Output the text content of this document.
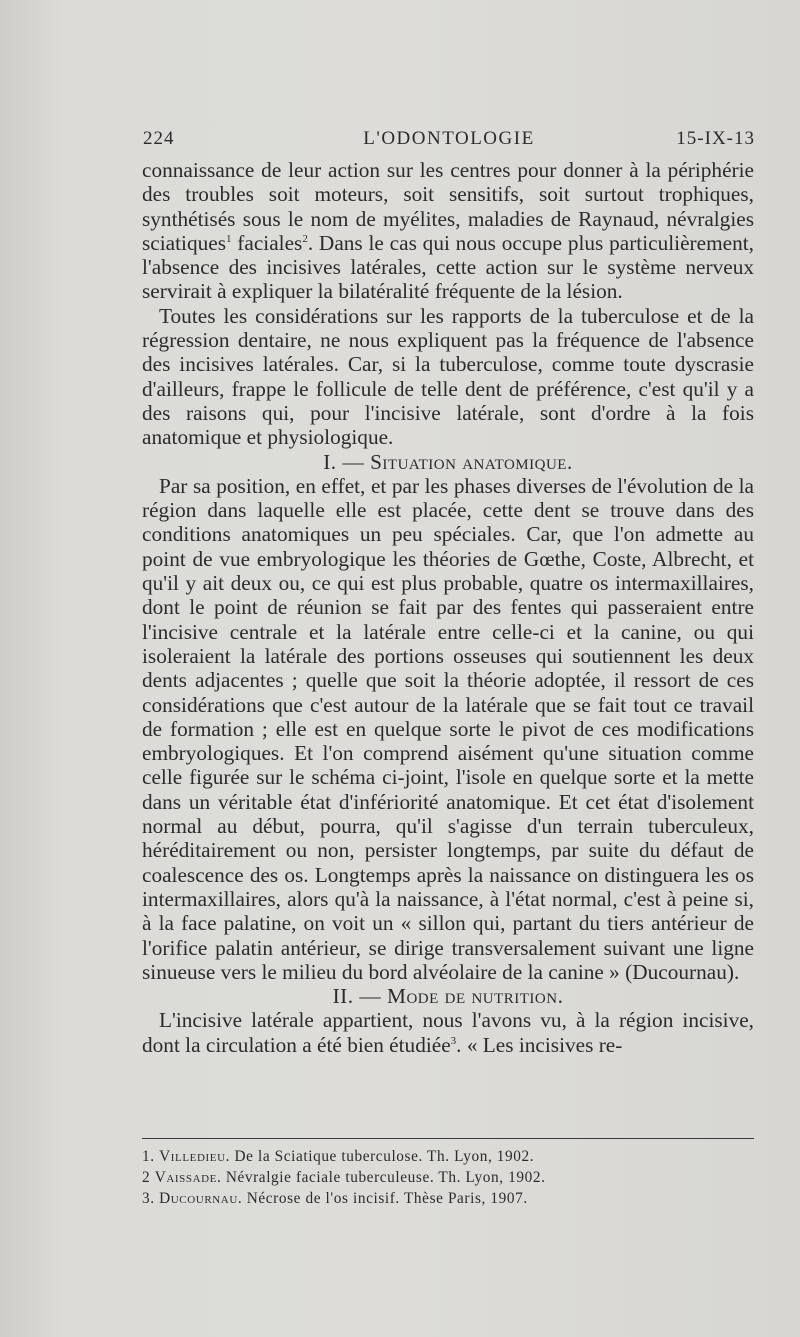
224	L'ODONTOLOGIE	15-IX-13

connaissance de leur action sur les centres pour donner à la périphérie des troubles soit moteurs, soit sensitifs, soit surtout trophiques, synthétisés sous le nom de myélites, maladies de Raynaud, névralgies sciatiques$^1$ faciales$^2$. Dans le cas qui nous occupe plus particulièrement, l'absence des incisives latérales, cette action sur le système nerveux servirait à expliquer la bilatéralité fréquente de la lésion.

Toutes les considérations sur les rapports de la tuberculose et de la régression dentaire, ne nous expliquent pas la fréquence de l'absence des incisives latérales. Car, si la tuberculose, comme toute dyscrasie d'ailleurs, frappe le follicule de telle dent de préférence, c'est qu'il y a des raisons qui, pour l'incisive latérale, sont d'ordre à la fois anatomique et physiologique.

I. — Situation anatomique.

Par sa position, en effet, et par les phases diverses de l'évolution de la région dans laquelle elle est placée, cette dent se trouve dans des conditions anatomiques un peu spéciales. Car, que l'on admette au point de vue embryologique les théories de Gœthe, Coste, Albrecht, et qu'il y ait deux ou, ce qui est plus probable, quatre os intermaxillaires, dont le point de réunion se fait par des fentes qui passeraient entre l'incisive centrale et la latérale entre celle-ci et la canine, ou qui isoleraient la latérale des portions osseuses qui soutiennent les deux dents adjacentes ; quelle que soit la théorie adoptée, il ressort de ces considérations que c'est autour de la latérale que se fait tout ce travail de formation ; elle est en quelque sorte le pivot de ces modifications embryologiques. Et l'on comprend aisément qu'une situation comme celle figurée sur le schéma ci-joint, l'isole en quelque sorte et la mette dans un véritable état d'infériorité anatomique. Et cet état d'isolement normal au début, pourra, qu'il s'agisse d'un terrain tuberculeux, héréditairement ou non, persister longtemps, par suite du défaut de coalescence des os. Longtemps après la naissance on distinguera les os intermaxillaires, alors qu'à la naissance, à l'état normal, c'est à peine si, à la face palatine, on voit un « sillon qui, partant du tiers antérieur de l'orifice palatin antérieur, se dirige transversalement suivant une ligne sinueuse vers le milieu du bord alvéolaire de la canine » (Ducournau).

II. — Mode de nutrition.

L'incisive latérale appartient, nous l'avons vu, à la région incisive, dont la circulation a été bien étudiée$^3$. « Les incisives re-

1. Villedieu. De la Sciatique tuberculose. Th. Lyon, 1902.
2 Vaissade. Névralgie faciale tuberculeuse. Th. Lyon, 1902.
3. Ducournau. Nécrose de l'os incisif. Thèse Paris, 1907.
